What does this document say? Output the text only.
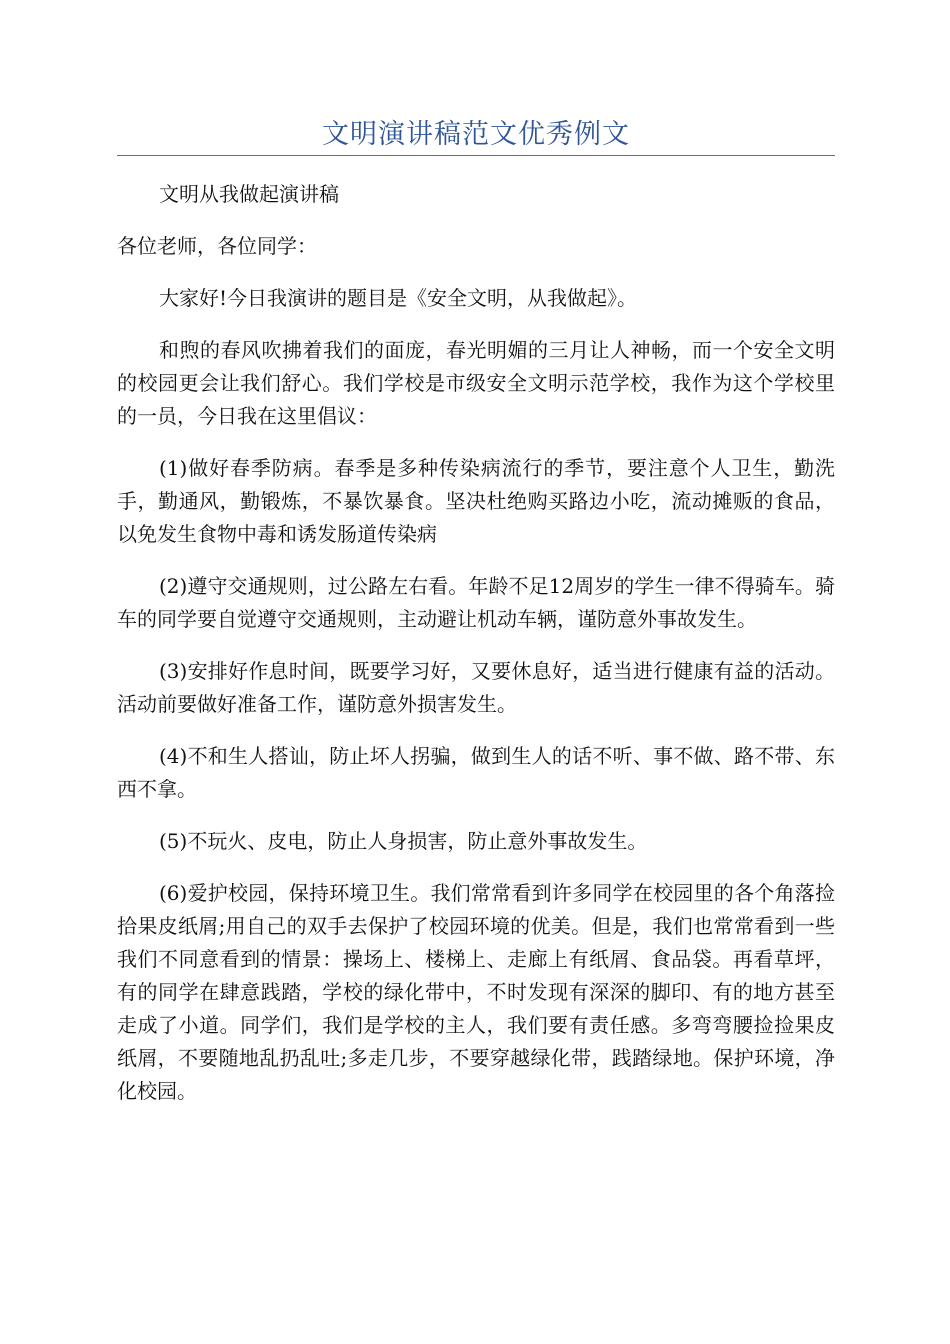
文明演讲稿范文优秀例文

文明从我做起演讲稿

各位老师，各位同学：

大家好!今日我演讲的题目是《安全文明，从我做起》。

和煦的春风吹拂着我们的面庞，春光明媚的三月让人神畅，而一个安全文明的校园更会让我们舒心。我们学校是市级安全文明示范学校，我作为这个学校里的一员，今日我在这里倡议：

(1)做好春季防病。春季是多种传染病流行的季节，要注意个人卫生，勤洗手，勤通风，勤锻炼，不暴饮暴食。坚决杜绝购买路边小吃，流动摊贩的食品，以免发生食物中毒和诱发肠道传染病

(2)遵守交通规则，过公路左右看。年龄不足12周岁的学生一律不得骑车。骑车的同学要自觉遵守交通规则，主动避让机动车辆，谨防意外事故发生。

(3)安排好作息时间，既要学习好，又要休息好，适当进行健康有益的活动。活动前要做好准备工作，谨防意外损害发生。

(4)不和生人搭讪，防止坏人拐骗，做到生人的话不听、事不做、路不带、东西不拿。

(5)不玩火、皮电，防止人身损害，防止意外事故发生。

(6)爱护校园，保持环境卫生。我们常常看到许多同学在校园里的各个角落捡拾果皮纸屑;用自己的双手去保护了校园环境的优美。但是，我们也常常看到一些我们不同意看到的情景：操场上、楼梯上、走廊上有纸屑、食品袋。再看草坪，有的同学在肆意践踏，学校的绿化带中，不时发现有深深的脚印、有的地方甚至走成了小道。同学们，我们是学校的主人，我们要有责任感。多弯弯腰捡捡果皮纸屑，不要随地乱扔乱吐;多走几步，不要穿越绿化带，践踏绿地。保护环境，净化校园。
